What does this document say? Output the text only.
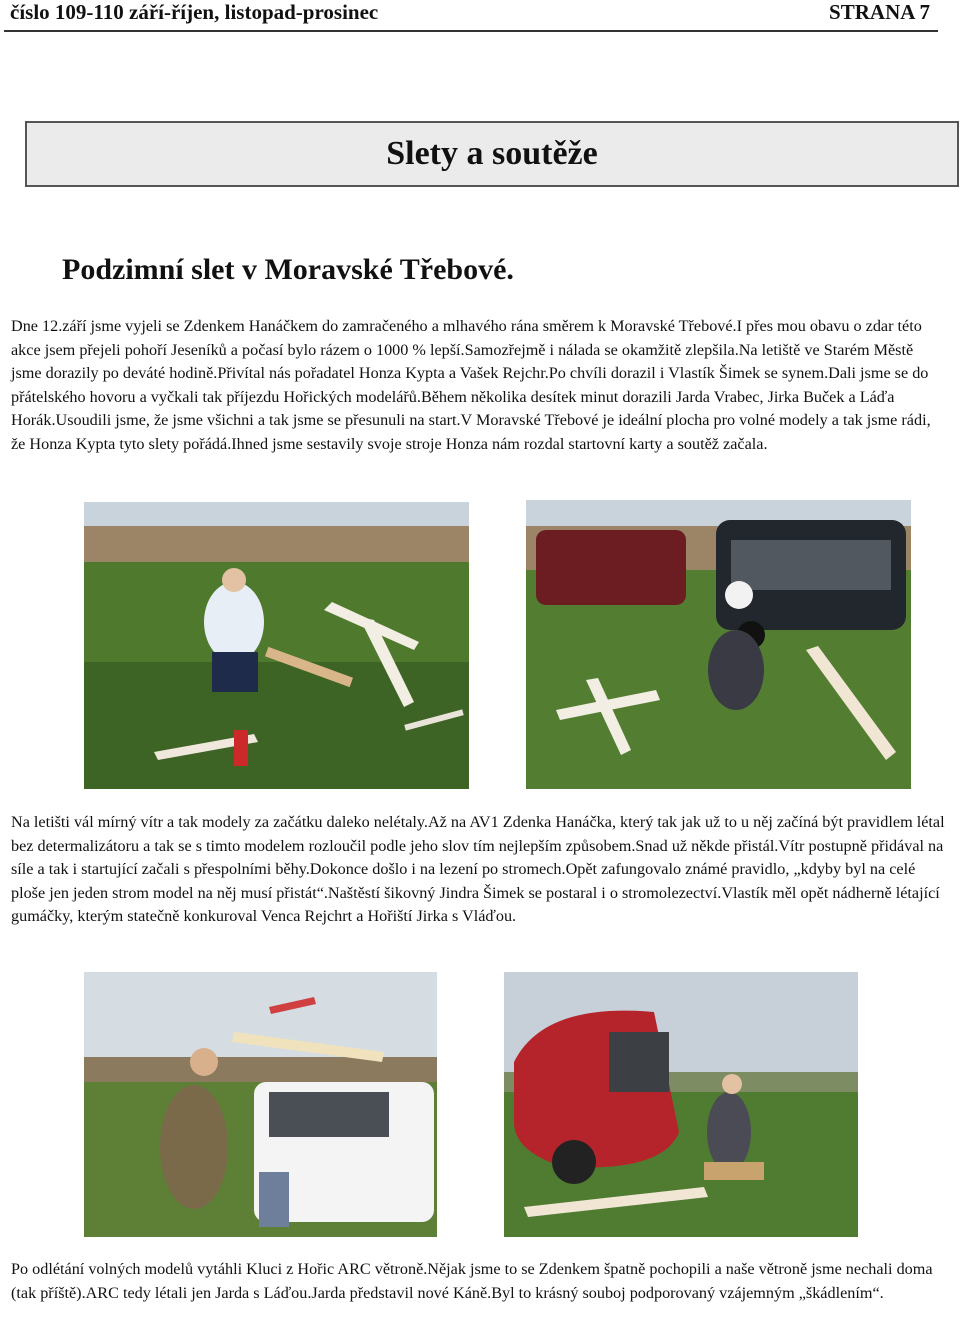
číslo 109-110 září-říjen, listopad-prosinec	STRANA 7
Slety a soutěže
Podzimní slet v Moravské Třebové.
Dne 12.září jsme vyjeli se Zdenkem Hanáčkem do zamračeného a mlhavého rána směrem k Moravské Třebové.I přes mou obavu o zdar této akce jsem přejeli pohoří Jeseníků a počasí bylo rázem o 1000 % lepší.Samozřejmě i nálada se okamžitě zlepšila.Na letiště ve Starém Městě jsme dorazily po deváté hodině.Přivítal nás pořadatel Honza Kypta a Vašek Rejchr.Po chvíli dorazil i Vlastík Šimek se synem.Dali jsme se do přátelského hovoru a vyčkali tak příjezdu Hořických modelářů.Během několika desítek minut dorazili Jarda Vrabec, Jirka Buček a Láďa Horák.Usoudili jsme, že jsme všichni a tak jsme se přesunuli na start.V Moravské Třebové je ideální plocha pro volné modely a tak jsme rádi, že Honza Kypta tyto slety pořádá.Ihned jsme sestavily svoje stroje Honza nám rozdal startovní karty a soutěž začala.
Na letišti vál mírný vítr a tak modely za začátku daleko nelétaly.Až na AV1 Zdenka Hanáčka, který tak jak už to u něj začíná být pravidlem létal bez determalizátoru a tak se s timto modelem rozloučil podle jeho slov tím nejlepším způsobem.Snad už někde přistál.Vítr postupně přidával na síle a tak i startující začali s přespolními běhy.Dokonce došlo i na lezení po stromech.Opět zafungovalo známé pravidlo, „kdyby byl na celé ploše jen jeden strom model na něj musí přistát“.Naštěstí šikovný Jindra Šimek se postaral i o stromolezectví.Vlastík měl opět nádherně létající gumáčky, kterým statečně konkuroval Venca Rejchrt a Hořiští Jirka s Vláďou.
Po odlétání volných modelů vytáhli Kluci z Hořic ARC větroně.Nějak jsme to se Zdenkem špatně pochopili a naše větroně jsme nechali doma (tak příště).ARC tedy létali jen Jarda s Láďou.Jarda představil nové Káně.Byl to krásný souboj podporovaný vzájemným „škádlením“.
